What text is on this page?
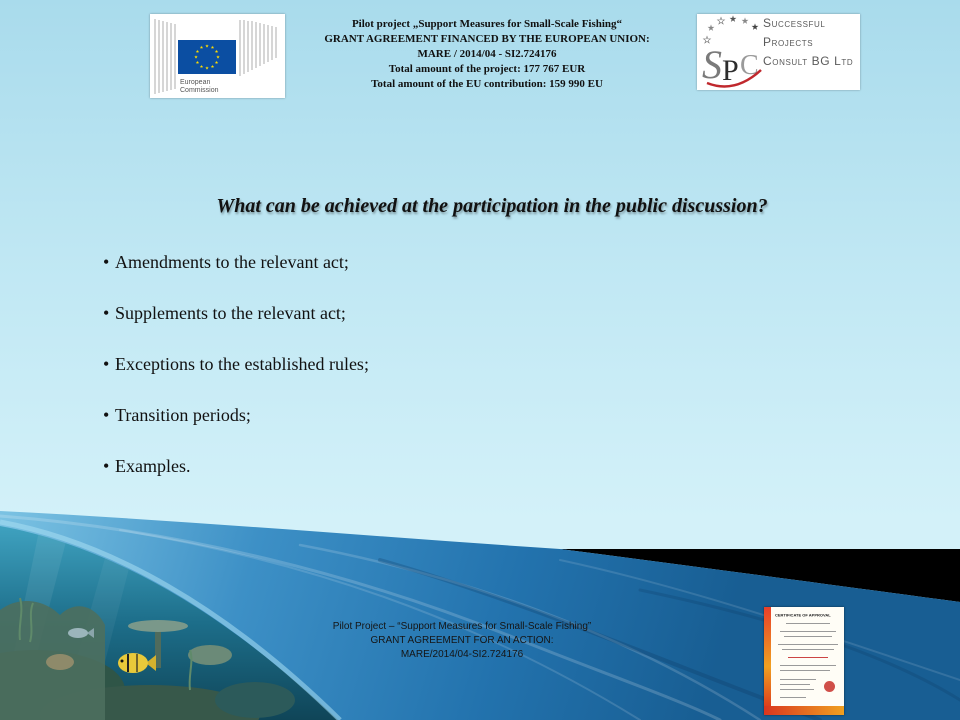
European
Commission
Pilot project „Support Measures for Small-Scale Fishing“
GRANT AGREEMENT FINANCED BY THE EUROPEAN UNION:
MARE / 2014/04 - SI2.724176
Total amount of the project: 177 767 EUR
Total amount of the EU contribution: 159 990 EU	S P C
Successful
Projects
Consult BG Ltd
What can be achieved at the participation in the public discussion?
• Amendments to the relevant act;
• Supplements to the relevant act;
• Exceptions to the established rules;
• Transition periods;
• Examples.
Pilot Project – “Support Measures for Small-Scale Fishing”
GRANT AGREEMENT FOR AN ACTION:
MARE/2014/04-SI2.724176
CERTIFICATE OF APPROVAL
